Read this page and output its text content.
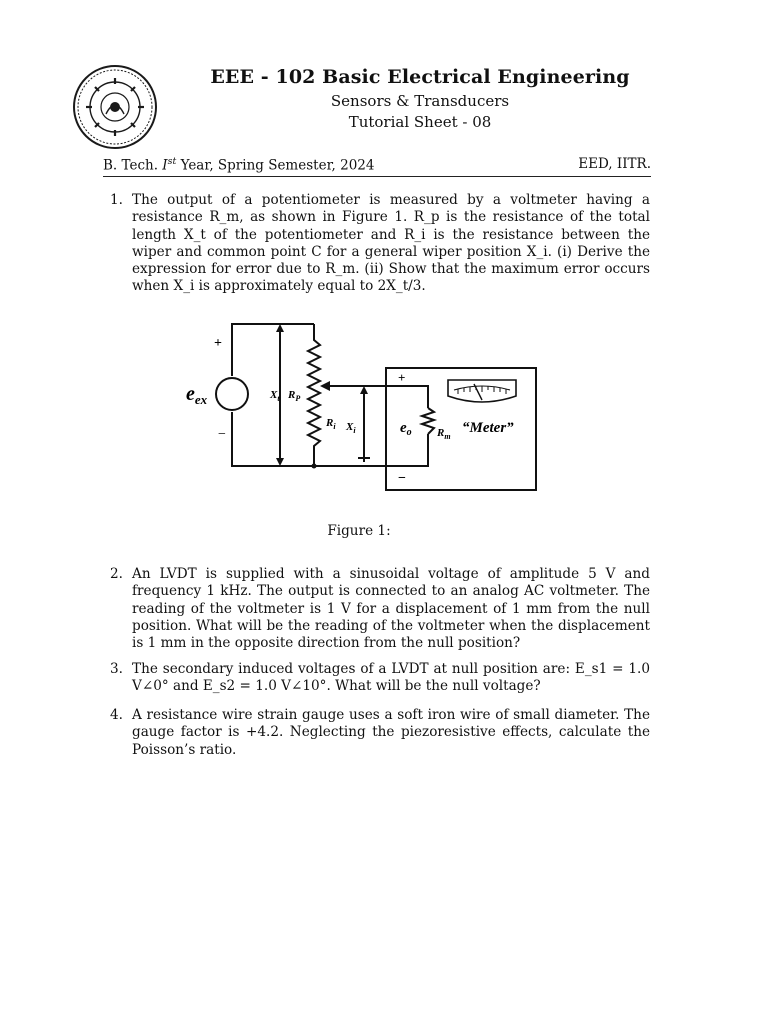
EEE - 102 Basic Electrical Engineering
Sensors & Transducers
Tutorial Sheet - 08
B. Tech. Ist Year, Spring Semester, 2024	EED, IITR.
1. The output of a potentiometer is measured by a voltmeter having a resistance R_m, as shown in Figure 1. R_p is the resistance of the total length X_t of the potentiometer and R_i is the resistance between the wiper and common point C for a general wiper position X_i. (i) Derive the expression for error due to R_m. (ii) Show that the maximum error occurs when X_i is approximately equal to 2X_t/3.
+
−
$e_{ex}$	$X_t$ $R_P$
$R_i$ $X_i$
+
−
$e_o$ $R_m$
“Meter”
Figure 1:
2. An LVDT is supplied with a sinusoidal voltage of amplitude 5 V and frequency 1 kHz. The output is connected to an analog AC voltmeter. The reading of the voltmeter is 1 V for a displacement of 1 mm from the null position. What will be the reading of the voltmeter when the displacement is 1 mm in the opposite direction from the null position?
3. The secondary induced voltages of a LVDT at null position are: E_s1 = 1.0 V∠0° and E_s2 = 1.0 V∠10°. What will be the null voltage?
4. A resistance wire strain gauge uses a soft iron wire of small diameter. The gauge factor is +4.2. Neglecting the piezoresistive effects, calculate the Poisson’s ratio.
